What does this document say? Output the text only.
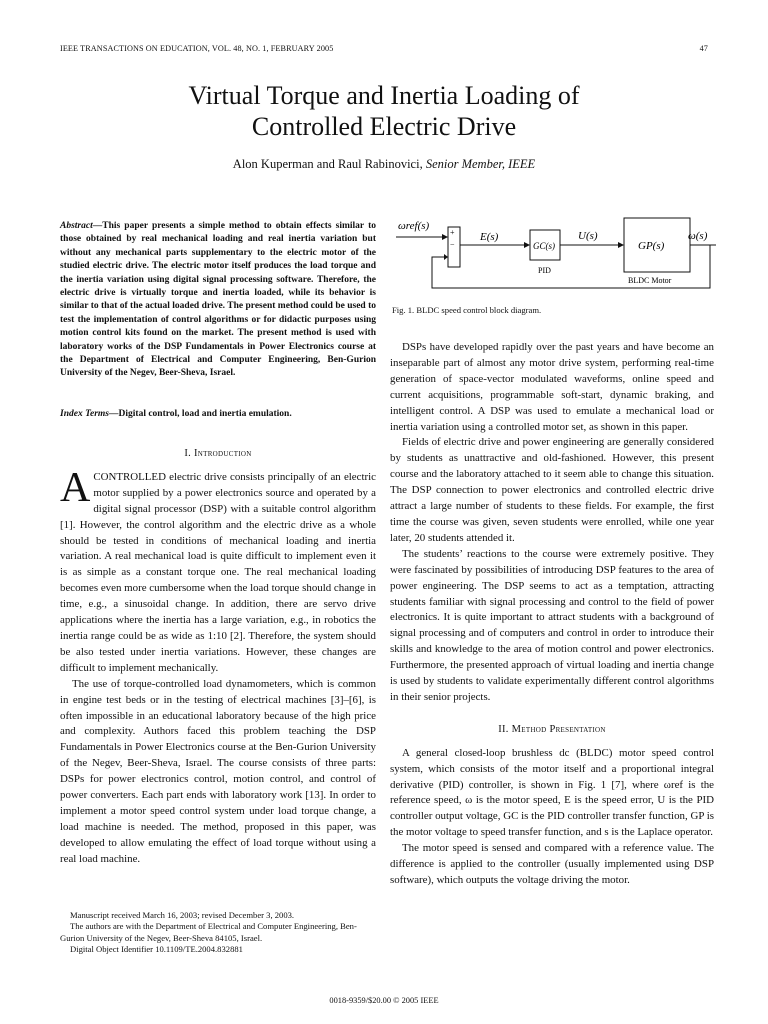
IEEE TRANSACTIONS ON EDUCATION, VOL. 48, NO. 1, FEBRUARY 2005	47
Virtual Torque and Inertia Loading of
Controlled Electric Drive
Alon Kuperman and Raul Rabinovici, Senior Member, IEEE
Abstract—This paper presents a simple method to obtain effects similar to those obtained by real mechanical loading and real inertia variation but without any mechanical parts supplementary to the electric motor of the studied electric drive. The electric motor itself produces the load torque and the inertia variation using digital signal processing software. Therefore, the electric drive is virtually torque and inertia loaded, while its behavior is similar to that of the actual loaded drive. The present method could be used to test the implementation of control algorithms or for didactic purposes using motion control kits found on the market. The present method is used with laboratory works of the DSP Fundamentals in Power Electronics course at the Department of Electrical and Computer Engineering, Ben-Gurion University of the Negev, Beer-Sheva, Israel.
Index Terms—Digital control, load and inertia emulation.
I. Introduction

ACONTROLLED electric drive consists principally of an electric motor supplied by a power electronics source and operated by a digital signal processor (DSP) with a suitable control algorithm [1]. However, the control algorithm and the electric drive as a whole should be tested in conditions of mechanical loading and inertia variation. A real mechanical load is quite difficult to implement even it is as simple as a constant torque one. The real mechanical loading becomes even more cumbersome when the load torque should change in time, e.g., a sinusoidal change. In addition, there are servo drive applications where the inertia has a large variation, e.g., in robotics the inertia range could be as wide as 1:10 [2]. Therefore, the system should be also tested under inertia variations. However, these changes are difficult to implement mechanically.

The use of torque-controlled load dynamometers, which is common in engine test beds or in the testing of electrical machines [3]–[6], is often impossible in an educational laboratory because of the high price and complexity. Authors faced this problem teaching the DSP Fundamentals in Power Electronics course at the Ben-Gurion University of the Negev, Beer-Sheva, Israel. The course consists of three parts: DSPs for power electronics control, motion control, and control of power converters. Each part ends with laboratory work [13]. In order to implement a motor speed control system under load torque change, a load machine is needed. The method, proposed in this paper, was developed to allow emulating the effect of load torque without using a real load machine.

ωref(s)
+
−
E(s)
GC(s)
PID
U(s)
GP(s)
BLDC Motor
ω(s)
Fig. 1. BLDC speed control block diagram.

DSPs have developed rapidly over the past years and have become an inseparable part of almost any motor drive system, performing real-time generation of space-vector modulated waveforms, online speed and current acquisitions, programmable soft-start, dynamic braking, and intelligent control. A DSP was used to emulate a mechanical load or inertia variation using a controlled motor set, as shown in this paper.

Fields of electric drive and power engineering are generally considered by students as unattractive and old-fashioned. However, this present course and the laboratory attached to it seem able to change this situation. The DSP connection to power electronics and controlled electric drive attract a large number of students to these fields. For example, the first time the course was given, seven students were enrolled, while one year later, 20 students attended it.

The students’ reactions to the course were extremely positive. They were fascinated by possibilities of introducing DSP features to the area of power engineering. The DSP seems to act as a temptation, attracting students familiar with signal processing and control to the field of power electronics. It is quite important to attract students with a background of signal processing and of computers and control in order to introduce their skills and knowledge to the area of motion control and power electronics. Furthermore, the presented approach of virtual loading and inertia change is used by students to validate experimentally different control algorithms in their senior projects.

II. Method Presentation

A general closed-loop brushless dc (BLDC) motor speed control system, which consists of the motor itself and a proportional integral derivative (PID) controller, is shown in Fig. 1 [7], where ωref is the reference speed, ω is the motor speed, E is the speed error, U is the PID controller output voltage, GC is the PID controller transfer function, GP is the motor voltage to speed transfer function, and s is the Laplace operator.

The motor speed is sensed and compared with a reference value. The difference is applied to the controller (usually implemented using DSP software), which outputs the voltage driving the motor.

Manuscript received March 16, 2003; revised December 3, 2003.

The authors are with the Department of Electrical and Computer Engineering, Ben-Gurion University of the Negev, Beer-Sheva 84105, Israel.

Digital Object Identifier 10.1109/TE.2004.832881

0018-9359/$20.00 © 2005 IEEE
